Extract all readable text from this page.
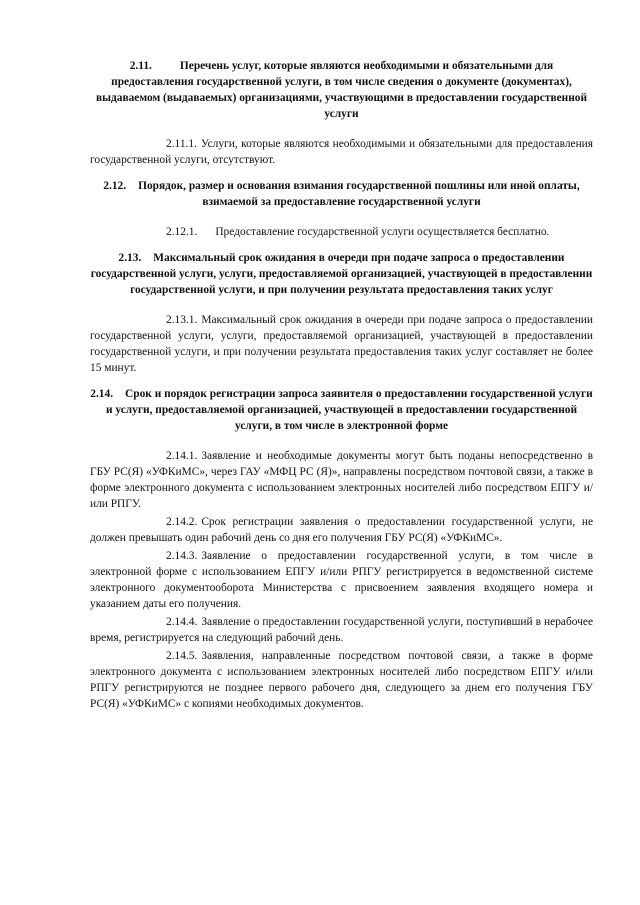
2.11. Перечень услуг, которые являются необходимыми и обязательными для предоставления государственной услуги, в том числе сведения о документе (документах), выдаваемом (выдаваемых) организациями, участвующими в предоставлении государственной услуги

2.11.1. Услуги, которые являются необходимыми и обязательными для предоставления государственной услуги, отсутствуют.

2.12. Порядок, размер и основания взимания государственной пошлины или иной оплаты, взимаемой за предоставление государственной услуги

2.12.1. Предоставление государственной услуги осуществляется бесплатно.

2.13. Максимальный срок ожидания в очереди при подаче запроса о предоставлении государственной услуги, услуги, предоставляемой организацией, участвующей в предоставлении государственной услуги, и при получении результата предоставления таких услуг

2.13.1. Максимальный срок ожидания в очереди при подаче запроса о предоставлении государственной услуги, услуги, предоставляемой организацией, участвующей в предоставлении государственной услуги, и при получении результата предоставления таких услуг составляет не более 15 минут.

2.14. Срок и порядок регистрации запроса заявителя о предоставлении государственной услуги и услуги, предоставляемой организацией, участвующей в предоставлении государственной услуги, в том числе в электронной форме

2.14.1. Заявление и необходимые документы могут быть поданы непосредственно в ГБУ РС(Я) «УФКиМС», через ГАУ «МФЦ РС (Я)», направлены посредством почтовой связи, а также в форме электронного документа с использованием электронных носителей либо посредством ЕПГУ и/или РПГУ.

2.14.2. Срок регистрации заявления о предоставлении государственной услуги, не должен превышать один рабочий день со дня его получения ГБУ РС(Я) «УФКиМС».

2.14.3. Заявление о предоставлении государственной услуги, в том числе в электронной форме с использованием ЕПГУ и/или РПГУ регистрируется в ведомственной системе электронного документооборота Министерства с присвоением заявления входящего номера и указанием даты его получения.

2.14.4. Заявление о предоставлении государственной услуги, поступивший в нерабочее время, регистрируется на следующий рабочий день.

2.14.5. Заявления, направленные посредством почтовой связи, а также в форме электронного документа с использованием электронных носителей либо посредством ЕПГУ и/или РПГУ регистрируются не позднее первого рабочего дня, следующего за днем его получения ГБУ РС(Я) «УФКиМС» с копиями необходимых документов.
